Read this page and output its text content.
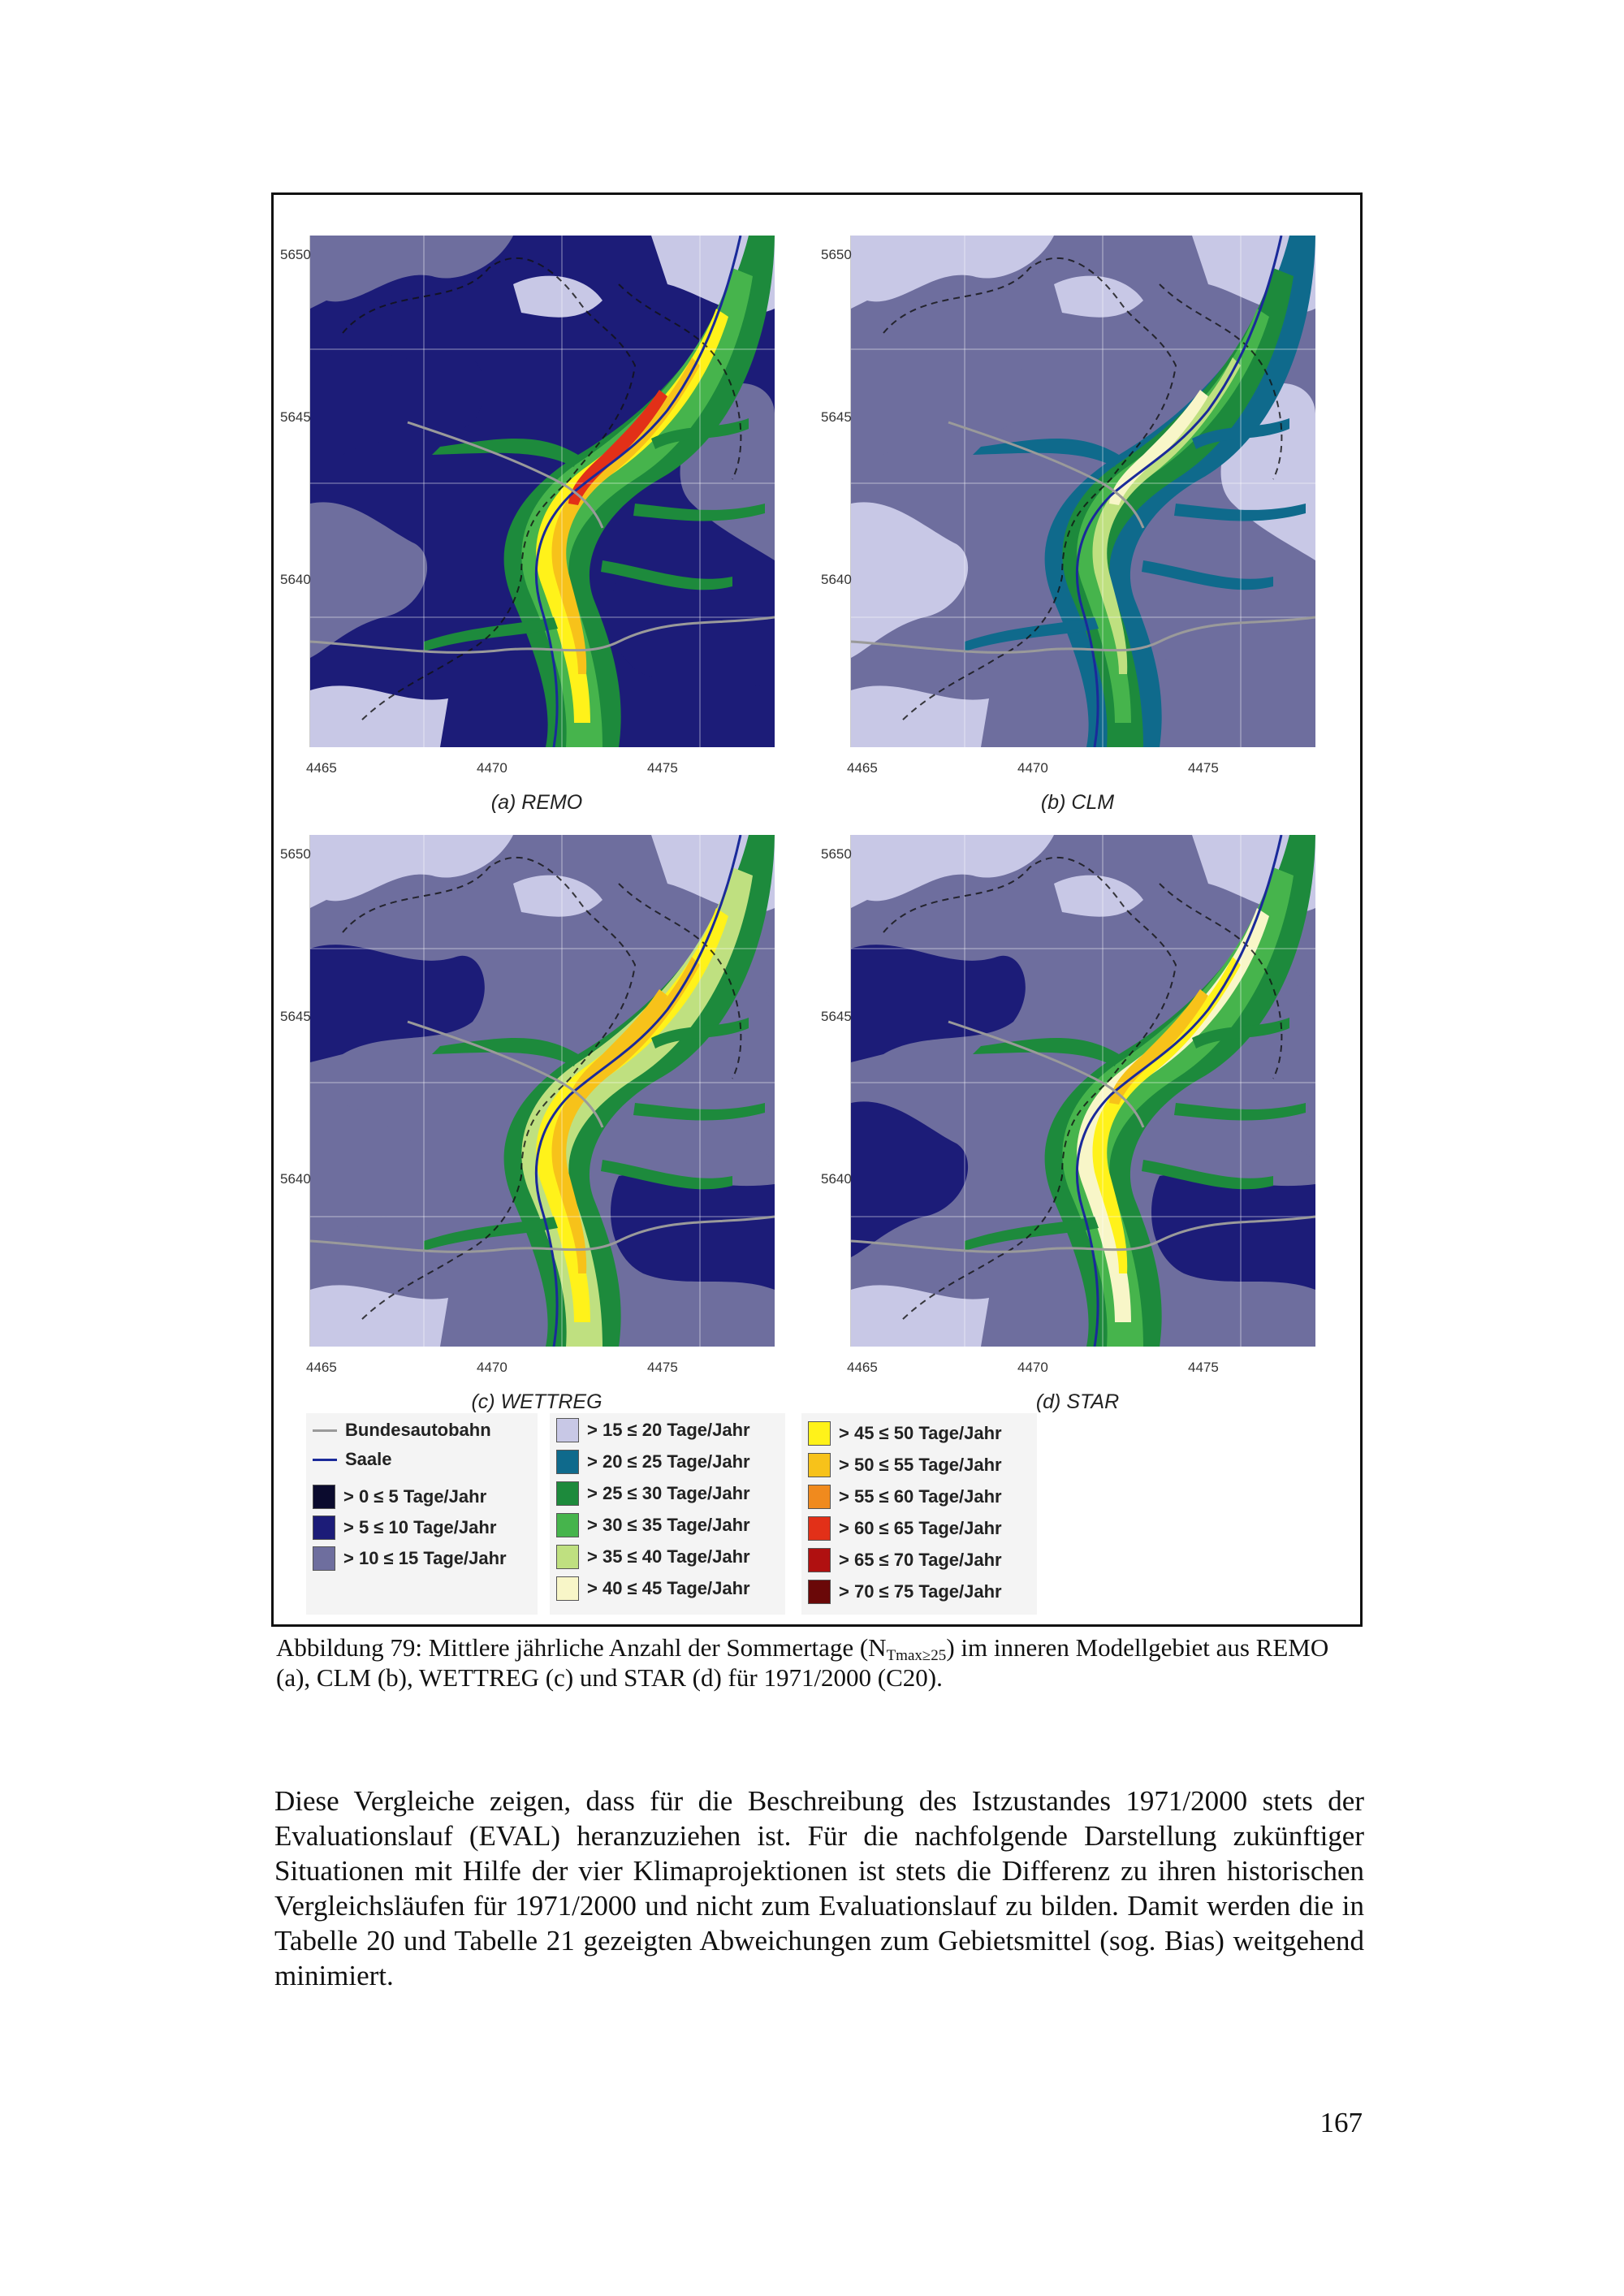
5650
5645
5640
4465	4470	4475
(a) REMO
5650
5645
5640
4465	4470	4475
(b) CLM
5650
5645
5640
4465	4470	4475
(c) WETTREG
5650
5645
5640
4465	4470	4475
(d) STAR
Bundesautobahn
Saale
> 0 ≤ 5 Tage/Jahr
> 5 ≤ 10 Tage/Jahr
> 10 ≤ 15 Tage/Jahr
> 15 ≤ 20 Tage/Jahr
> 20 ≤ 25 Tage/Jahr
> 25 ≤ 30 Tage/Jahr
> 30 ≤ 35 Tage/Jahr
> 35 ≤ 40 Tage/Jahr
> 40 ≤ 45 Tage/Jahr
> 45 ≤ 50 Tage/Jahr
> 50 ≤ 55 Tage/Jahr
> 55 ≤ 60 Tage/Jahr
> 60 ≤ 65 Tage/Jahr
> 65 ≤ 70 Tage/Jahr
> 70 ≤ 75 Tage/Jahr
Abbildung 79: Mittlere jährliche Anzahl der Sommertage $(N_{Tmax\ge 25})$ im inneren Modellgebiet aus REMO (a), CLM (b), WETTREG (c) und STAR (d) für 1971/2000 (C20).
Diese Vergleiche zeigen, dass für die Beschreibung des Istzustandes 1971/2000 stets der Evaluationslauf (EVAL) heranzuziehen ist. Für die nachfolgende Darstellung zukünftiger Situationen mit Hilfe der vier Klimaprojektionen ist stets die Differenz zu ihren historischen Vergleichsläufen für 1971/2000 und nicht zum Evaluationslauf zu bilden. Damit werden die in Tabelle 20 und Tabelle 21 gezeigten Abweichungen zum Gebietsmittel (sog. Bias) weitgehend minimiert.
167
